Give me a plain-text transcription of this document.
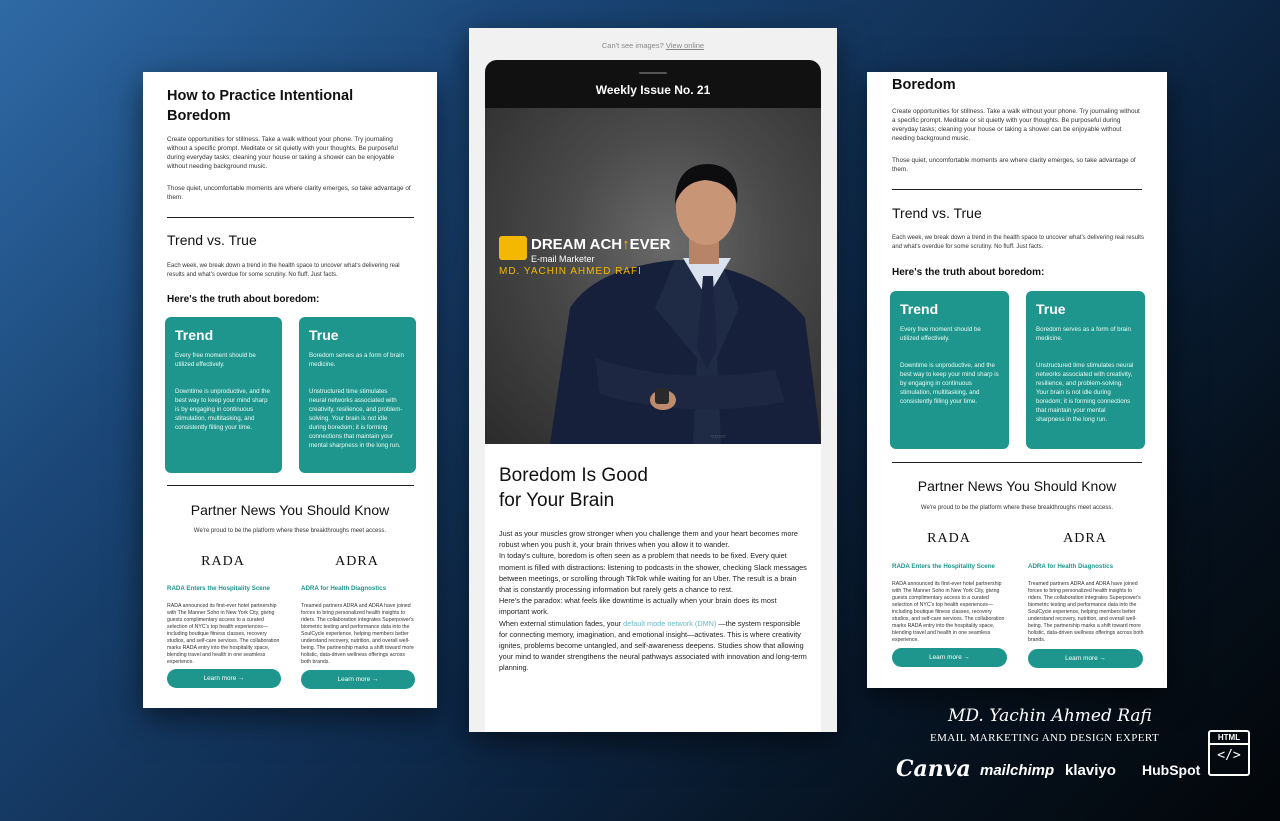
How to Practice Intentional
Boredom

Create opportunities for stillness. Take a walk without your phone. Try journaling without a specific prompt. Meditate or sit quietly with your thoughts. Be purposeful during everyday tasks; cleaning your house or taking a shower can be enjoyable without needing background music.

Those quiet, uncomfortable moments are where clarity emerges, so take advantage of them.

Trend vs. True

Each week, we break down a trend in the health space to uncover what's delivering real results and what's overdue for some scrutiny. No fluff. Just facts.

Here's the truth about boredom:
Trend

Every free moment should be utilized effectively.

Downtime is unproductive, and the best way to keep your mind sharp is by engaging in continuous stimulation, multitasking, and consistently filling your time.

True

Boredom serves as a form of brain medicine.

Unstructured time stimulates neural networks associated with creativity, resilience, and problem-solving. Your brain is not idle during boredom; it is forming connections that maintain your mental sharpness in the long run.

Partner News You Should Know
We're proud to be the platform where these breakthroughs meet access.
RADA	ADRA
RADA Enters the Hospitality Scene	ADRA for Health Diagnostics

RADA announced its first-ever hotel partnership with The Manner Soho in New York City, giving guests complimentary access to a curated selection of NYC's top health experiences—including boutique fitness classes, recovery studios, and self-care services. The collaboration marks RADA entry into the hospitality space, blending travel and health in one seamless experience.

Treamed partners ADRA and ADRA have joined forces to bring personalized health insights to riders. The collaboration integrates Superpower's biometric testing and performance data into the SoulCycle experience, helping members better understand recovery, nutrition, and overall well-being. The partnership marks a shift toward more holistic, data-driven wellness offerings across both brands.

Learn more →	Learn more →
Boredom

Create opportunities for stillness. Take a walk without your phone. Try journaling without a specific prompt. Meditate or sit quietly with your thoughts. Be purposeful during everyday tasks; cleaning your house or taking a shower can be enjoyable without needing background music.

Those quiet, uncomfortable moments are where clarity emerges, so take advantage of them.

Trend vs. True

Each week, we break down a trend in the health space to uncover what's delivering real results and what's overdue for some scrutiny. No fluff. Just facts.

Here's the truth about boredom:
Trend

Every free moment should be utilized effectively.

Downtime is unproductive, and the best way to keep your mind sharp is by engaging in continuous stimulation, multitasking, and consistently filling your time.

True

Boredom serves as a form of brain medicine.

Unstructured time stimulates neural networks associated with creativity, resilience, and problem-solving. Your brain is not idle during boredom; it is forming connections that maintain your mental sharpness in the long run.

Partner News You Should Know
We're proud to be the platform where these breakthroughs meet access.
RADA	ADRA
RADA Enters the Hospitality Scene	ADRA for Health Diagnostics

RADA announced its first-ever hotel partnership with The Manner Soho in New York City, giving guests complimentary access to a curated selection of NYC's top health experiences—including boutique fitness classes, recovery studios, and self-care services. The collaboration marks RADA entry into the hospitality space, blending travel and health in one seamless experience.

Treamed partners ADRA and ADRA have joined forces to bring personalized health insights to riders. The collaboration integrates Superpower's biometric testing and performance data into the SoulCycle experience, helping members better understand recovery, nutrition, and overall well-being. The partnership marks a shift toward more holistic, data-driven wellness offerings across both brands.

Learn more →	Learn more →
Can't see images? View online
Weekly Issue No. 21
DREAM ACH↑EVER
E-mail Marketer
MD. YACHIN AHMED RAFI
○○○○
Boredom Is Good
for Your Brain

Just as your muscles grow stronger when you challenge them and your heart becomes more robust when you push it, your brain thrives when you allow it to wander.

In today's culture, boredom is often seen as a problem that needs to be fixed. Every quiet moment is filled with distractions: listening to podcasts in the shower, checking Slack messages between meetings, or scrolling through TikTok while waiting for an Uber. The result is a brain that is constantly processing information but rarely gets a chance to rest.

Here's the paradox: what feels like downtime is actually when your brain does its most important work.

When external stimulation fades, your default mode network (DMN) —the system responsible for connecting memory, imagination, and emotional insight—activates. This is where creativity ignites, problems become untangled, and self-awareness deepens. Studies show that allowing your mind to wander strengthens the neural pathways associated with innovation and long-term planning.

MD. Yachin Ahmed Rafi
EMAIL MARKETING AND DESIGN EXPERT
Canva mailchimp klaviyo HubSpot
HTML
</>
